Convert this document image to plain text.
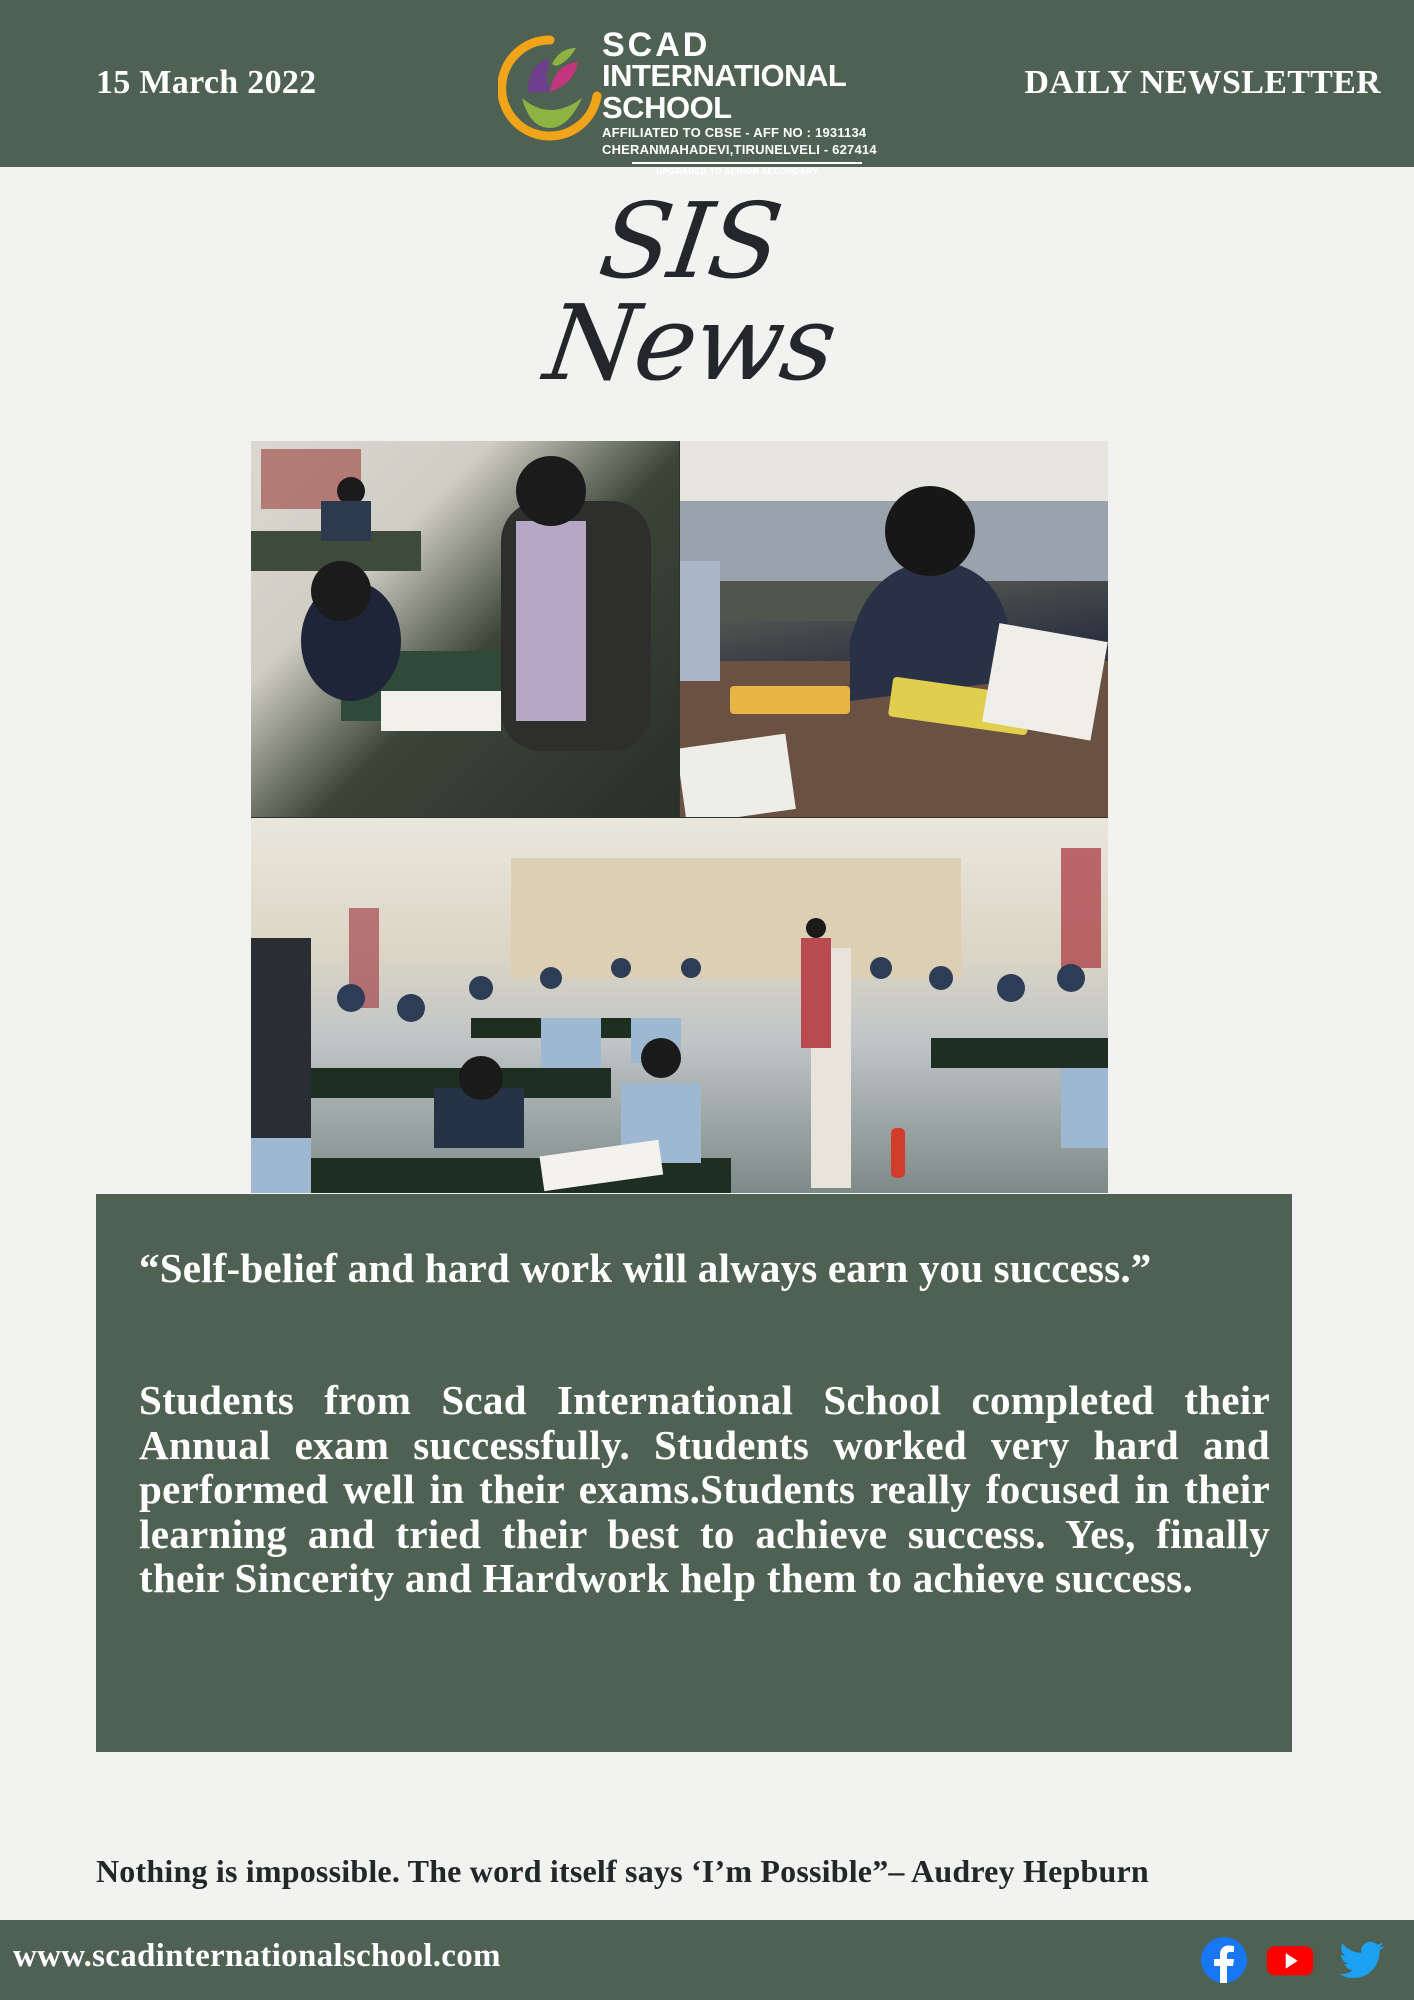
15 March 2022
SCAD
INTERNATIONAL SCHOOL
AFFILIATED TO CBSE - AFF NO : 1931134
CHERANMAHADEVI,TIRUNELVELI - 627414
UPGRADED TO SENIOR SECONDARY
DAILY NEWSLETTER
SIS
News
“Self-belief and hard work will always earn you success.”
Students from Scad International School completed their Annual exam successfully. Students worked very hard and performed well in their exams.Students really focused in their learning and tried their best to achieve success. Yes, finally their Sincerity and Hardwork help them to achieve success.
Nothing is impossible. The word itself says ‘I’m Possible”– Audrey Hepburn
www.scadinternationalschool.com
